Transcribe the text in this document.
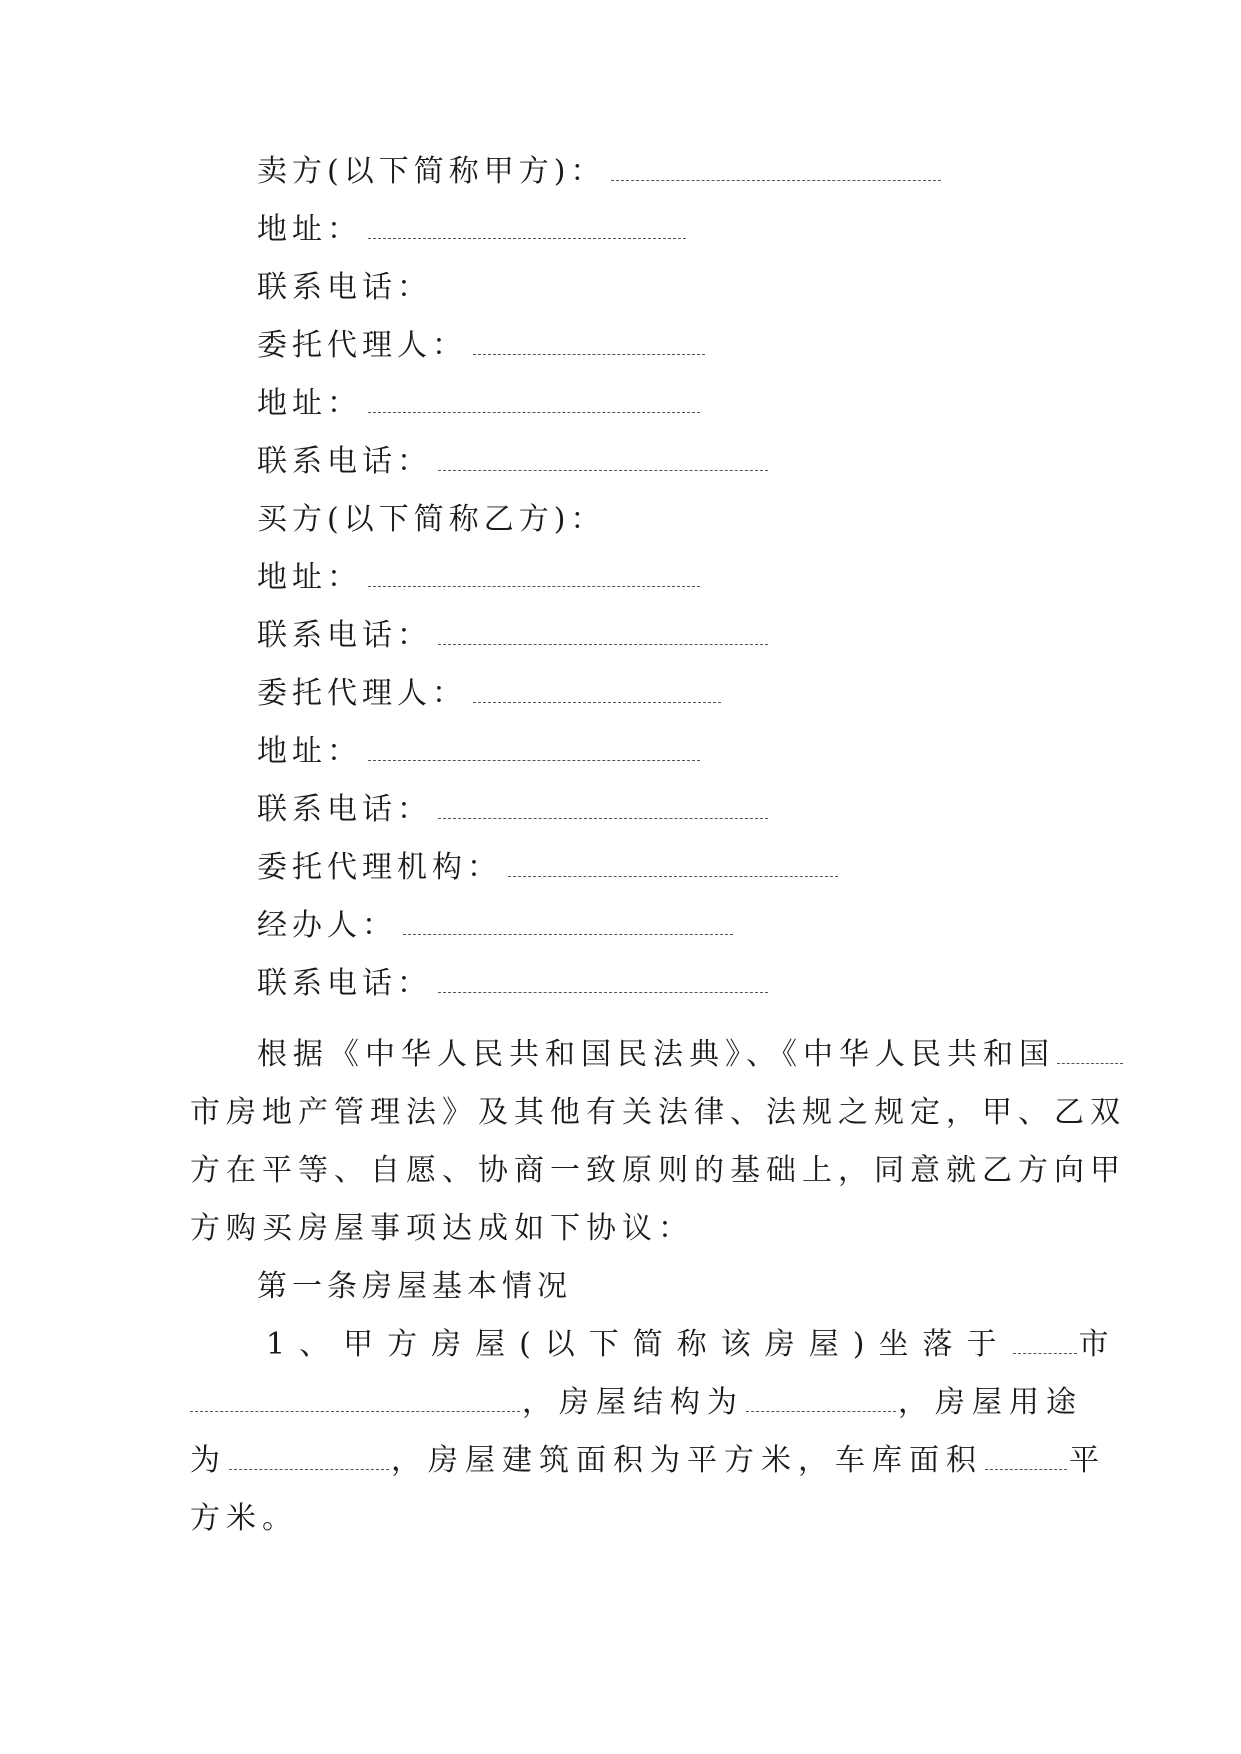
卖方(以下简称甲方)：
地址：
联系电话：
委托代理人：
地址：
联系电话：
买方(以下简称乙方)：
地址：
联系电话：
委托代理人：
地址：
联系电话：
委托代理机构：
经办人：
联系电话：
根据《中华人民共和国民法典》、《中华人民共和国
市房地产管理法》及其他有关法律、法规之规定，甲、乙双
方在平等、自愿、协商一致原则的基础上，同意就乙方向甲
方购买房屋事项达成如下协议：
第一条房屋基本情况
1、甲方房屋(以下简称该房屋)坐落于 市
，房屋结构为	，房屋用途
为	，房屋建筑面积为平方米，车库面积	平
方米。
